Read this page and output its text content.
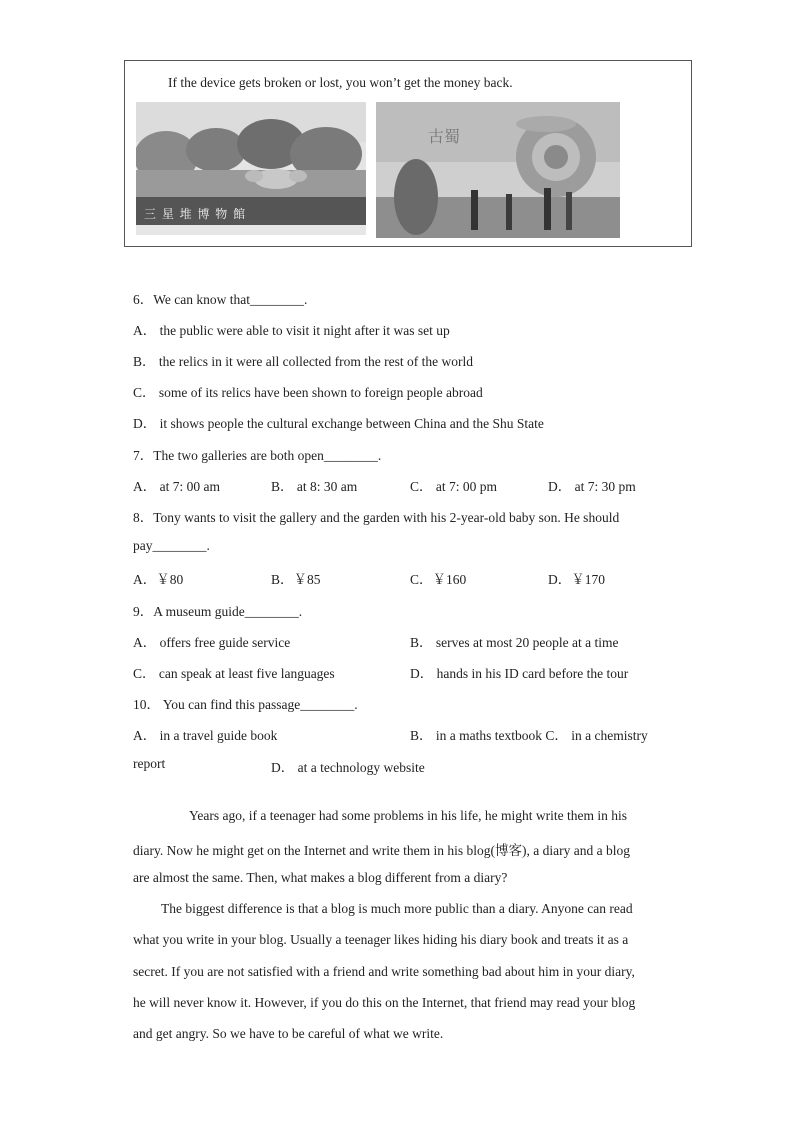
If the device gets broken or lost, you won’t get the money back.
三 星 堆 博 物 館
古蜀
6．We can know that________.
A． the public were able to visit it night after it was set up
B． the relics in it were all collected from the rest of the world
C． some of its relics have been shown to foreign people abroad
D． it shows people the cultural exchange between China and the Shu State
7．The two galleries are both open________.
A． at 7: 00 am	B． at 8: 30 am	C． at 7: 00 pm	D． at 7: 30 pm
8．Tony wants to visit the gallery and the garden with his 2-year-old baby son. He should
pay________.
A．￥80	B．￥85	C．￥160	D．￥170
9．A museum guide________.
A． offers free guide service	B． serves at most 20 people at a time
C． can speak at least five languages	D． hands in his ID card before the tour
10． You can find this passage________.
A． in a travel guide book	B． in a maths textbook C． in a chemistry
report	D． at a technology website
Years ago, if a teenager had some problems in his life, he might write them in his
diary. Now he might get on the Internet and write them in his blog(博客), a diary and a blog
are almost the same. Then, what makes a blog different from a diary?
The biggest difference is that a blog is much more public than a diary. Anyone can read
what you write in your blog. Usually a teenager likes hiding his diary book and treats it as a
secret. If you are not satisfied with a friend and write something bad about him in your diary,
he will never know it. However, if you do this on the Internet, that friend may read your blog
and get angry. So we have to be careful of what we write.
